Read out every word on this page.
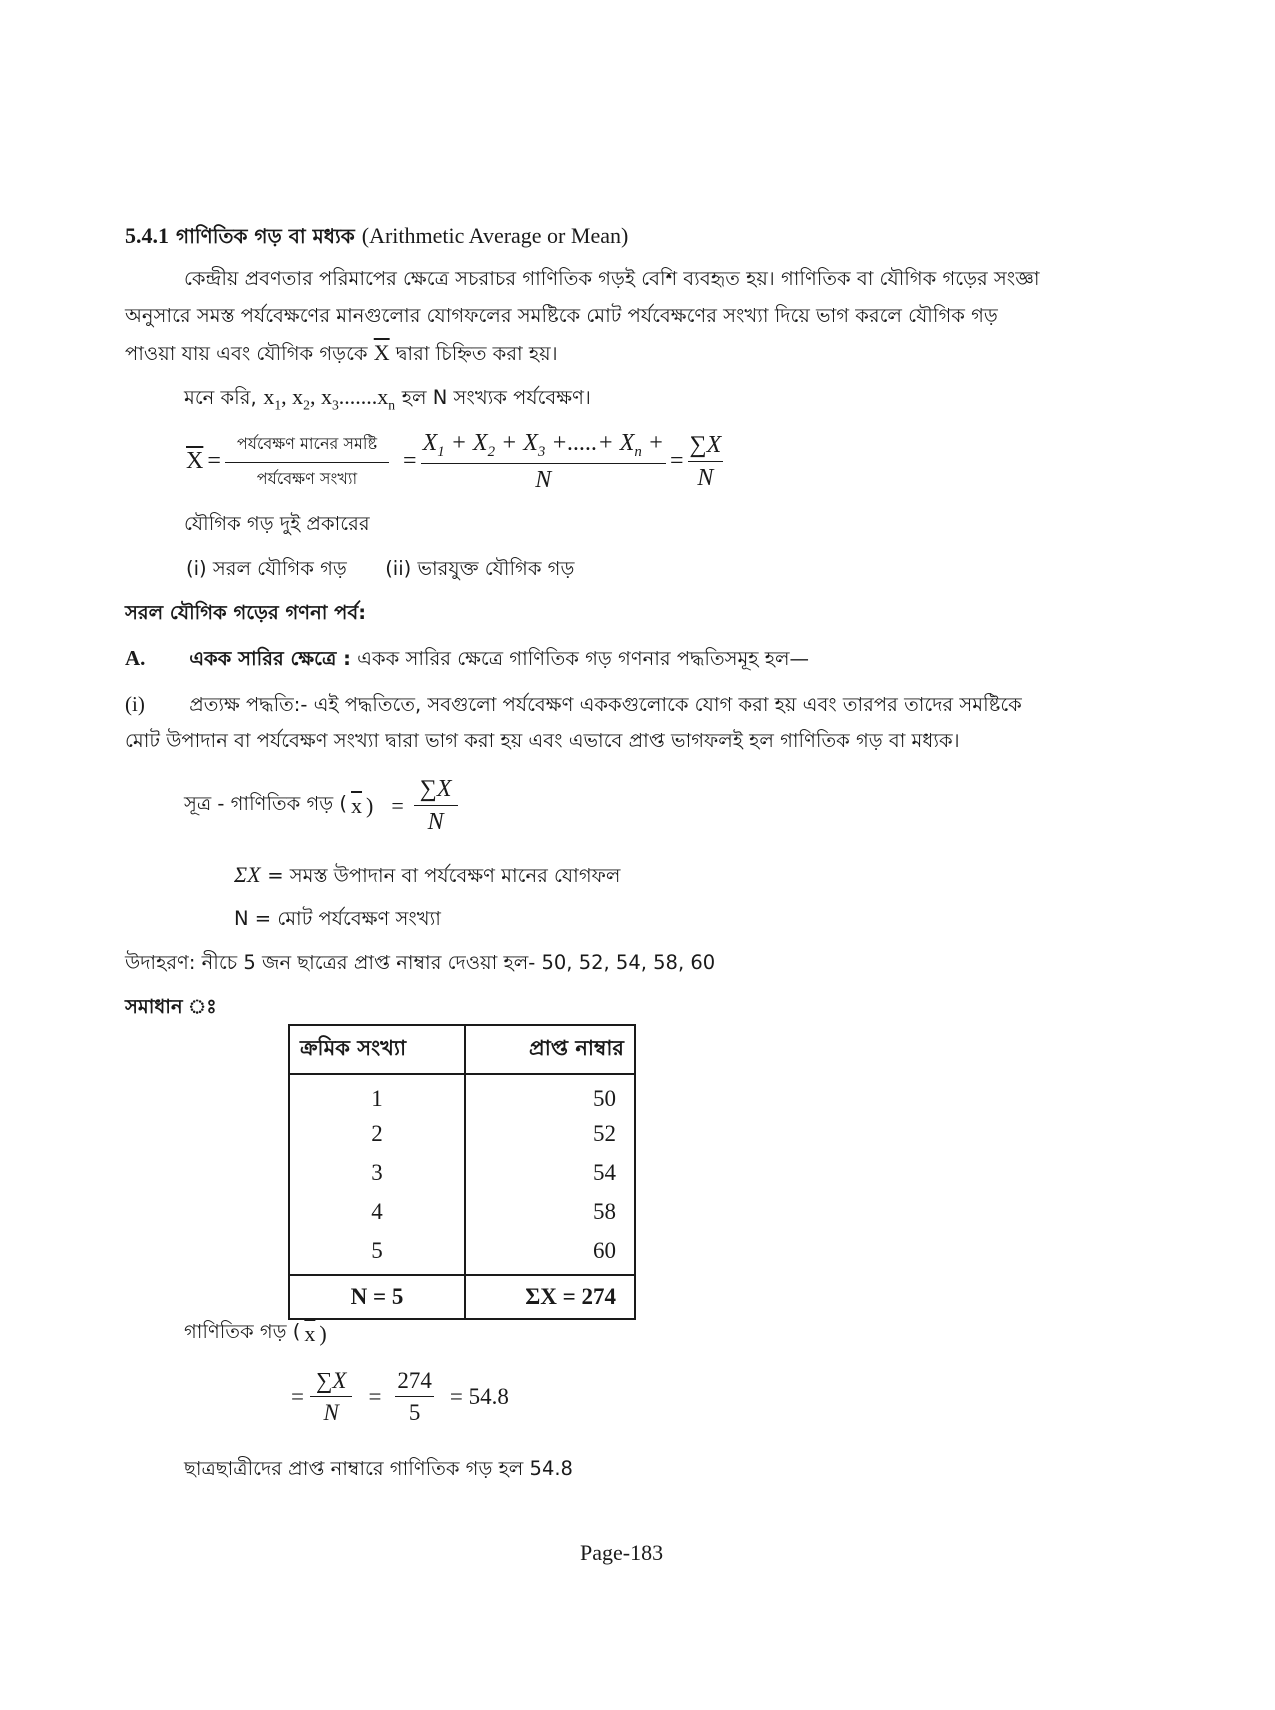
5.4.1 গাণিতিক গড় বা মধ্যক (Arithmetic Average or Mean)
কেন্দ্রীয় প্রবণতার পরিমাপের ক্ষেত্রে সচরাচর গাণিতিক গড়ই বেশি ব্যবহৃত হয়। গাণিতিক বা যৌগিক গড়ের সংজ্ঞা
অনুসারে সমস্ত পর্যবেক্ষণের মানগুলোর যোগফলের সমষ্টিকে মোট পর্যবেক্ষণের সংখ্যা দিয়ে ভাগ করলে যৌগিক গড়
পাওয়া যায় এবং যৌগিক গড়কে $\overline{X}$ দ্বারা চিহ্নিত করা হয়।
মনে করি, $x_1$, $x_2$, $x_3.......x_n$ হল N সংখ্যক পর্যবেক্ষণ।
$\overline{X} = \frac{\text{পর্যবেক্ষণ মানের সমষ্টি}}{\text{পর্যবেক্ষণ সংখ্যা}} = \frac{X_1 + X_2 + X_3 +.....+ X_n +}{N} = \frac{\sum X}{N}$
যৌগিক গড় দুই প্রকারের
(i) সরল যৌগিক গড় (ii) ভারযুক্ত যৌগিক গড়
সরল যৌগিক গড়ের গণনা পর্ব:
A. একক সারির ক্ষেত্রে : একক সারির ক্ষেত্রে গাণিতিক গড় গণনার পদ্ধতিসমূহ হল—
(i) প্রত্যক্ষ পদ্ধতি:- এই পদ্ধতিতে, সবগুলো পর্যবেক্ষণ এককগুলোকে যোগ করা হয় এবং তারপর তাদের সমষ্টিকে
মোট উপাদান বা পর্যবেক্ষণ সংখ্যা দ্বারা ভাগ করা হয় এবং এভাবে প্রাপ্ত ভাগফলই হল গাণিতিক গড় বা মধ্যক।
সূত্র - গাণিতিক গড় ( $\overline{x}$ ) = $\frac{\sum X}{N}$
ΣX = সমস্ত উপাদান বা পর্যবেক্ষণ মানের যোগফল
N = মোট পর্যবেক্ষণ সংখ্যা
উদাহরণ: নীচে 5 জন ছাত্রের প্রাপ্ত নাম্বার দেওয়া হল- 50, 52, 54, 58, 60
সমাধান ঃ
ক্রমিক সংখ্যা	প্রাপ্ত নাম্বার
1	50
2	52
3	54
4	58
5	60
N = 5	ΣX = 274
গাণিতিক গড় ( $\overline{x}$ )
= $\frac{\sum X}{N} = \frac{274}{5} = 54.8$
ছাত্রছাত্রীদের প্রাপ্ত নাম্বারে গাণিতিক গড় হল 54.8
Page-183
